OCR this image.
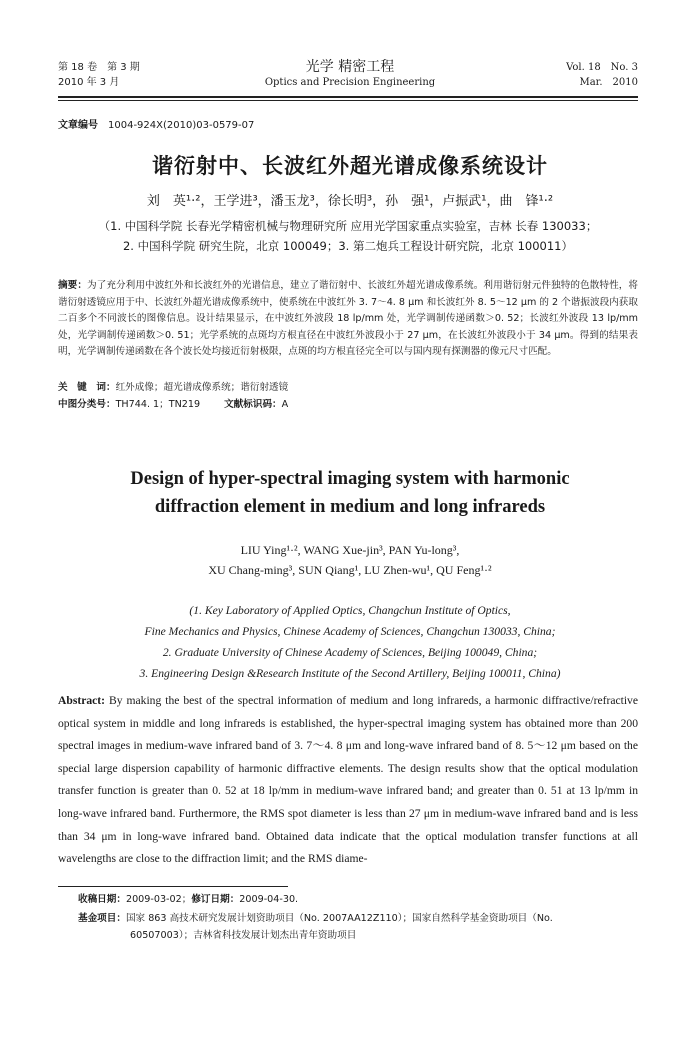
第 18 卷　第 3 期
2010 年 3 月
光学 精密工程
Optics and Precision Engineering
Vol. 18　No. 3
Mar.　2010
文章编号 1004-924X(2010)03-0579-07
谐衍射中、长波红外超光谱成像系统设计
刘　英¹·²，王学进³，潘玉龙³，徐长明³，孙　强¹，卢振武¹，曲　锋¹·²
（1. 中国科学院 长春光学精密机械与物理研究所 应用光学国家重点实验室，吉林 长春 130033；
2. 中国科学院 研究生院，北京 100049；3. 第二炮兵工程设计研究院，北京 100011）
摘要：为了充分利用中波红外和长波红外的光谱信息，建立了谐衍射中、长波红外超光谱成像系统。利用谐衍射元件独特的色散特性，将谐衍射透镜应用于中、长波红外超光谱成像系统中，使系统在中波红外 3. 7～4. 8 μm 和长波红外 8. 5～12 μm 的 2 个谐振波段内获取二百多个不同波长的图像信息。设计结果显示，在中波红外波段 18 lp/mm 处，光学调制传递函数＞0. 52；长波红外波段 13 lp/mm 处，光学调制传递函数＞0. 51；光学系统的点斑均方根直径在中波红外波段小于 27 μm，在长波红外波段小于 34 μm。得到的结果表明，光学调制传递函数在各个波长处均接近衍射极限，点斑的均方根直径完全可以与国内现有探测器的像元尺寸匹配。
关　键　词：红外成像；超光谱成像系统；谐衍射透镜
中图分类号：TH744. 1；TN219	文献标识码：A
Design of hyper-spectral imaging system with harmonic
diffraction element in medium and long infrareds
LIU Ying¹·², WANG Xue-jin³, PAN Yu-long³,
XU Chang-ming³, SUN Qiang¹, LU Zhen-wu¹, QU Feng¹·²
(1. Key Laboratory of Applied Optics, Changchun Institute of Optics,
Fine Mechanics and Physics, Chinese Academy of Sciences, Changchun 130033, China;
2. Graduate University of Chinese Academy of Sciences, Beijing 100049, China;
3. Engineering Design &Research Institute of the Second Artillery, Beijing 100011, China)
Abstract: By making the best of the spectral information of medium and long infrareds, a harmonic diffractive/refractive optical system in middle and long infrareds is established, the hyper-spectral imaging system has obtained more than 200 spectral images in medium-wave infrared band of 3. 7～4. 8 μm and long-wave infrared band of 8. 5～12 μm based on the special large dispersion capability of harmonic diffractive elements. The design results show that the optical modulation transfer function is greater than 0. 52 at 18 lp/mm in medium-wave infrared band; and greater than 0. 51 at 13 lp/mm in long-wave infrared band. Furthermore, the RMS spot diameter is less than 27 μm in medium-wave infrared band and is less than 34 μm in long-wave infrared band. Obtained data indicate that the optical modulation transfer functions at all wavelengths are close to the diffraction limit; and the RMS diame-
收稿日期：2009-03-02；修订日期：2009-04-30.
基金项目：国家 863 高技术研究发展计划资助项目（No. 2007AA12Z110）；国家自然科学基金资助项目（No.
60507003）；吉林省科技发展计划杰出青年资助项目
